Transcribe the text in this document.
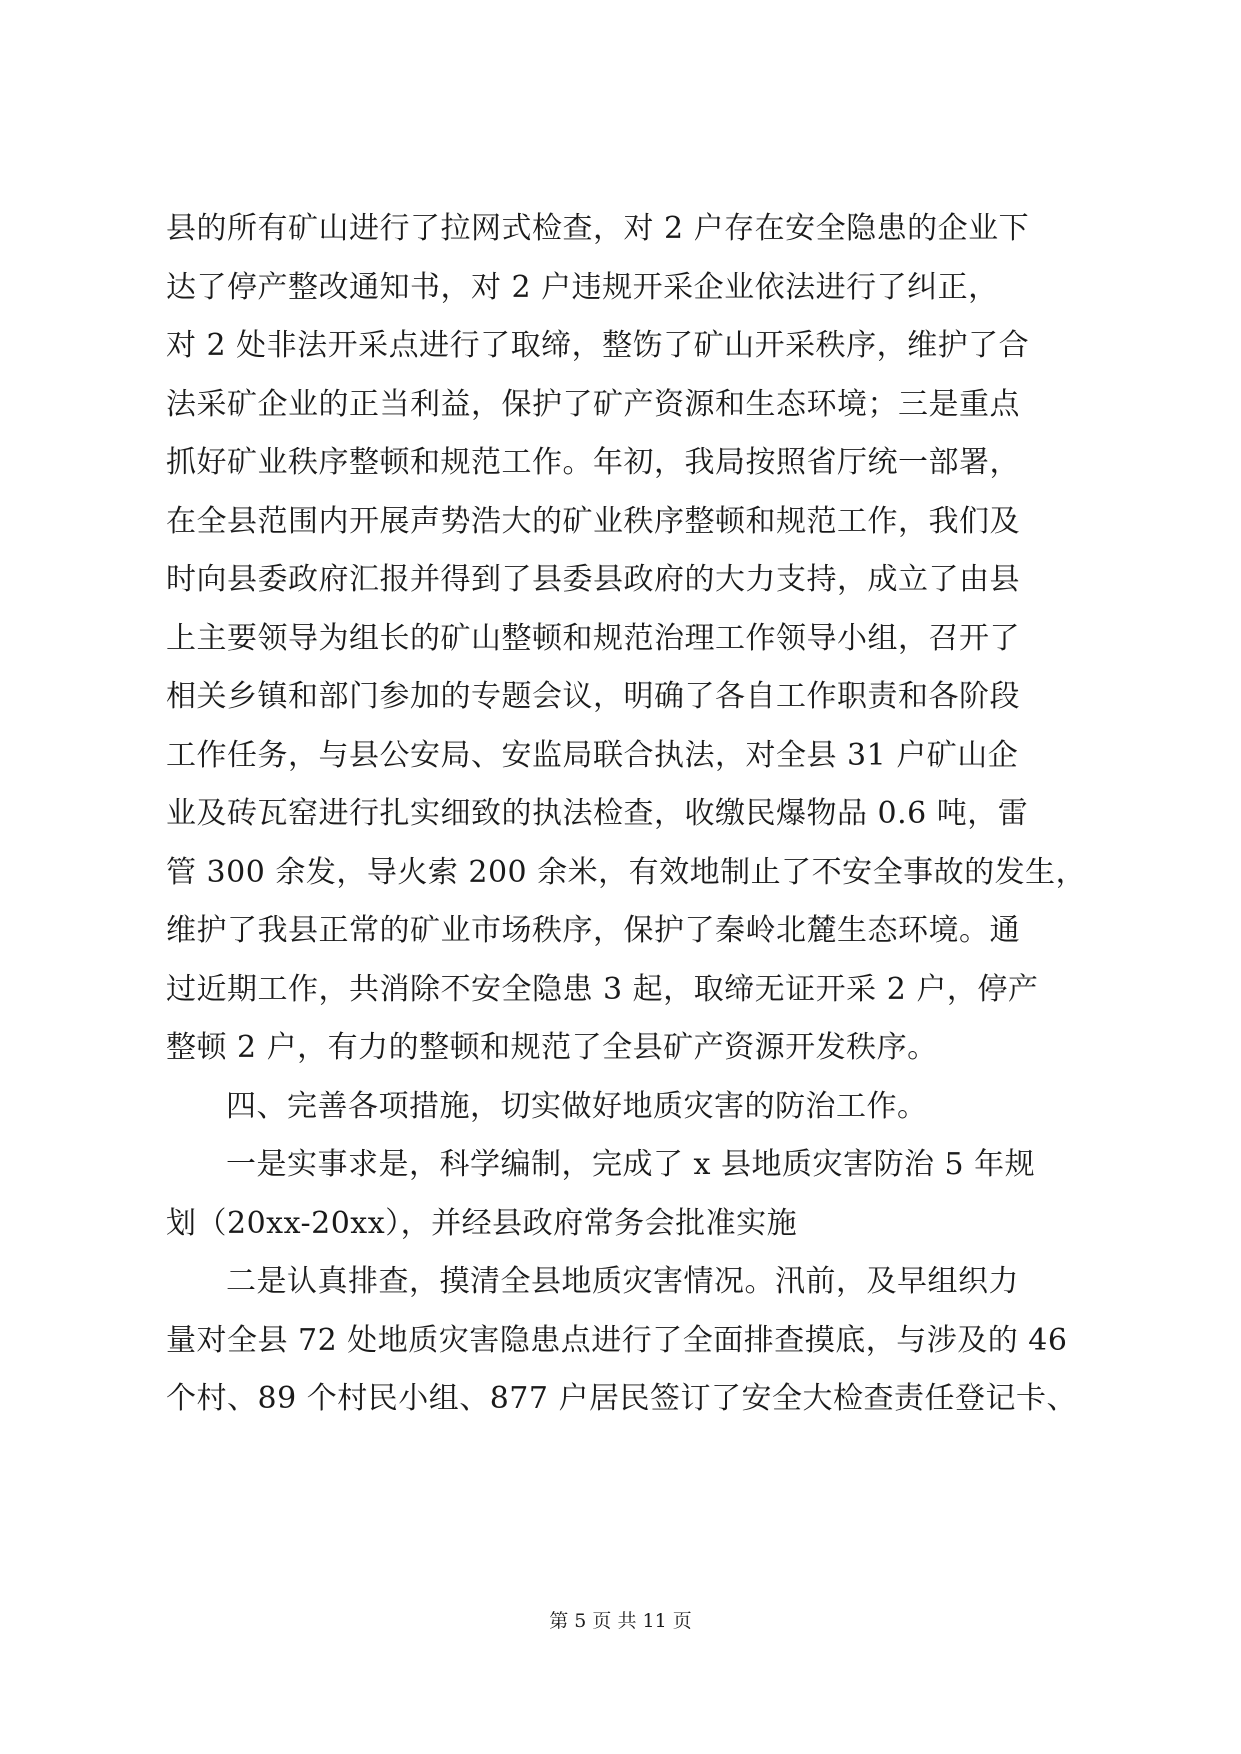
县的所有矿山进行了拉网式检查，对 2 户存在安全隐患的企业下
达了停产整改通知书，对 2 户违规开采企业依法进行了纠正，
对 2 处非法开采点进行了取缔，整饬了矿山开采秩序，维护了合
法采矿企业的正当利益，保护了矿产资源和生态环境；三是重点
抓好矿业秩序整顿和规范工作。年初，我局按照省厅统一部署，
在全县范围内开展声势浩大的矿业秩序整顿和规范工作，我们及
时向县委政府汇报并得到了县委县政府的大力支持，成立了由县
上主要领导为组长的矿山整顿和规范治理工作领导小组，召开了
相关乡镇和部门参加的专题会议，明确了各自工作职责和各阶段
工作任务，与县公安局、安监局联合执法，对全县 31 户矿山企
业及砖瓦窑进行扎实细致的执法检查，收缴民爆物品 0.6 吨，雷
管 300 余发，导火索 200 余米，有效地制止了不安全事故的发生，
维护了我县正常的矿业市场秩序，保护了秦岭北麓生态环境。通
过近期工作，共消除不安全隐患 3 起，取缔无证开采 2 户，停产
整顿 2 户，有力的整顿和规范了全县矿产资源开发秩序。
四、完善各项措施，切实做好地质灾害的防治工作。
一是实事求是，科学编制，完成了 x 县地质灾害防治 5 年规
划（20xx-20xx），并经县政府常务会批准实施
二是认真排查，摸清全县地质灾害情况。汛前，及早组织力
量对全县 72 处地质灾害隐患点进行了全面排查摸底，与涉及的 46
个村、89 个村民小组、877 户居民签订了安全大检查责任登记卡、
第 5 页 共 11 页
